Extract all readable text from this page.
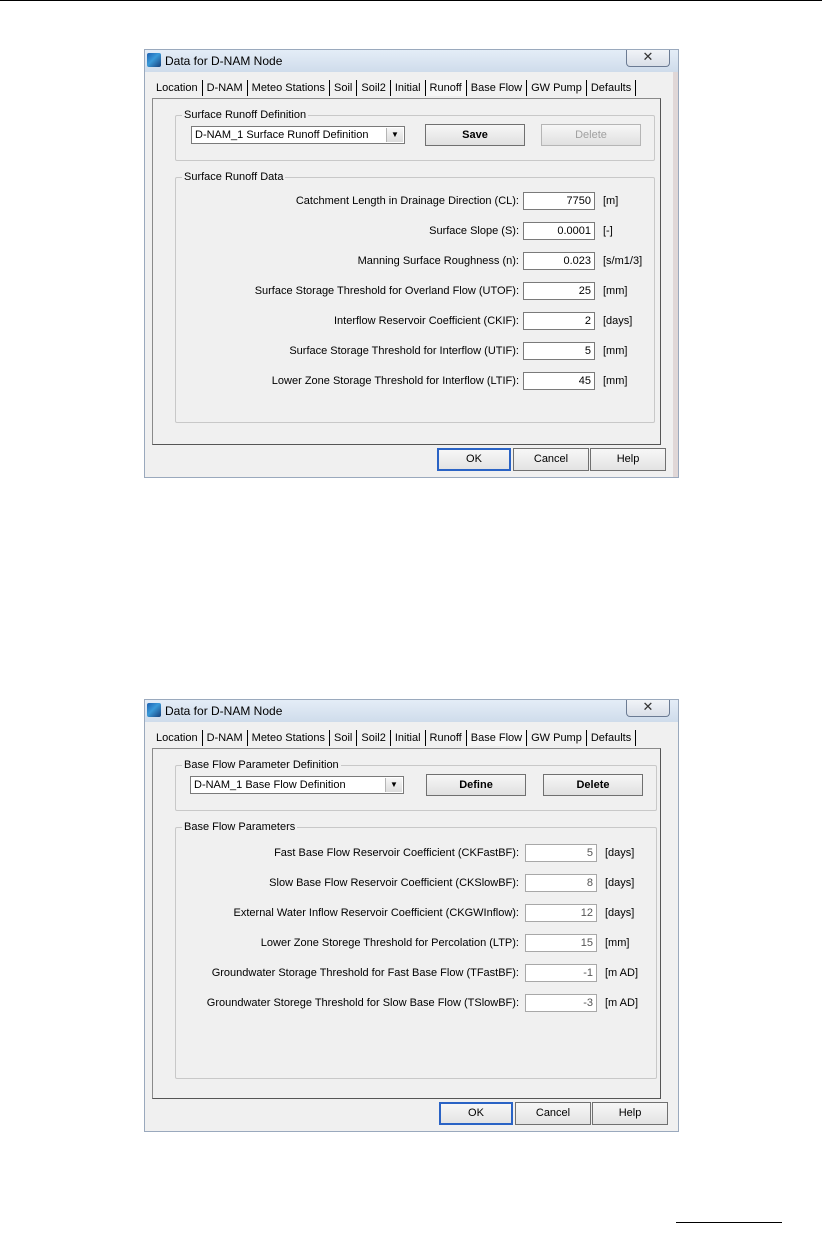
Data for D-NAM Node	✕
Location D-NAM Meteo Stations Soil Soil2 Initial Runoff Base Flow GW Pump Defaults
Surface Runoff Definition
D-NAM_1 Surface Runoff Definition	▼	Save	Delete
Surface Runoff Data
Catchment Length in Drainage Direction (CL):	7750	[m]
Surface Slope (S):	0.0001	[-]
Manning Surface Roughness (n):	0.023	[s/m1/3]
Surface Storage Threshold for Overland Flow (UTOF):	25	[mm]
Interflow Reservoir Coefficient (CKIF):	2	[days]
Surface Storage Threshold for Interflow (UTIF):	5	[mm]
Lower Zone Storage Threshold for Interflow (LTIF):	45	[mm]
OK	Cancel	Help
Data for D-NAM Node	✕
Location D-NAM Meteo Stations Soil Soil2 Initial Runoff Base Flow GW Pump Defaults
Base Flow Parameter Definition
D-NAM_1 Base Flow Definition	▼	Define	Delete
Base Flow Parameters
Fast Base Flow Reservoir Coefficient (CKFastBF):	5	[days]
Slow Base Flow Reservoir Coefficient (CKSlowBF):	8	[days]
External Water Inflow Reservoir Coefficient (CKGWInflow):	12	[days]
Lower Zone Storege Threshold for Percolation (LTP):	15	[mm]
Groundwater Storage Threshold for Fast Base Flow (TFastBF):	-1	[m AD]
Groundwater Storege Threshold for Slow Base Flow (TSlowBF):	-3	[m AD]
OK	Cancel	Help
